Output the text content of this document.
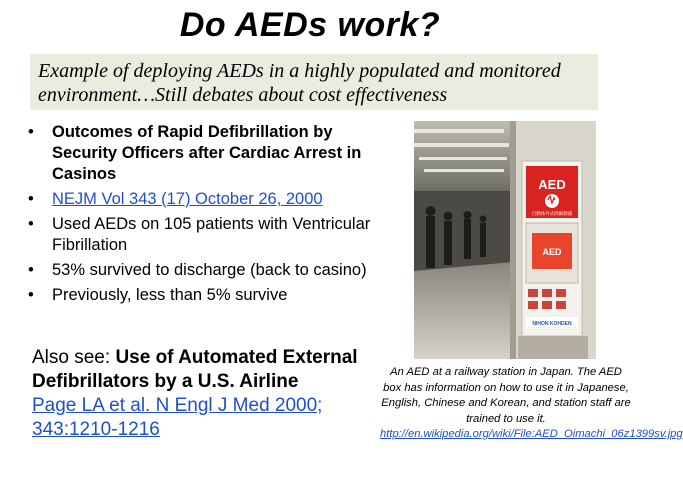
Do AEDs work?
Example of deploying AEDs in a highly populated and monitored environment…Still debates about cost effectiveness
• Outcomes of Rapid Defibrillation by Security Officers after Cardiac Arrest in Casinos
• NEJM Vol 343 (17) October 26, 2000
• Used AEDs on 105 patients with Ventricular Fibrillation
• 53% survived to discharge (back to casino)
• Previously, less than 5% survive
Also see: Use of Automated External Defibrillators by a U.S. Airline
Page LA et al. N Engl J Med 2000; 343:1210-1216
AED
自動体外式除細動器
AED
NIHON KOHDEN
An AED at a railway station in Japan. The AED box has information on how to use it in Japanese, English, Chinese and Korean, and station staff are trained to use it.
http://en.wikipedia.org/wiki/File:AED_Oimachi_06z1399sv.jpg
